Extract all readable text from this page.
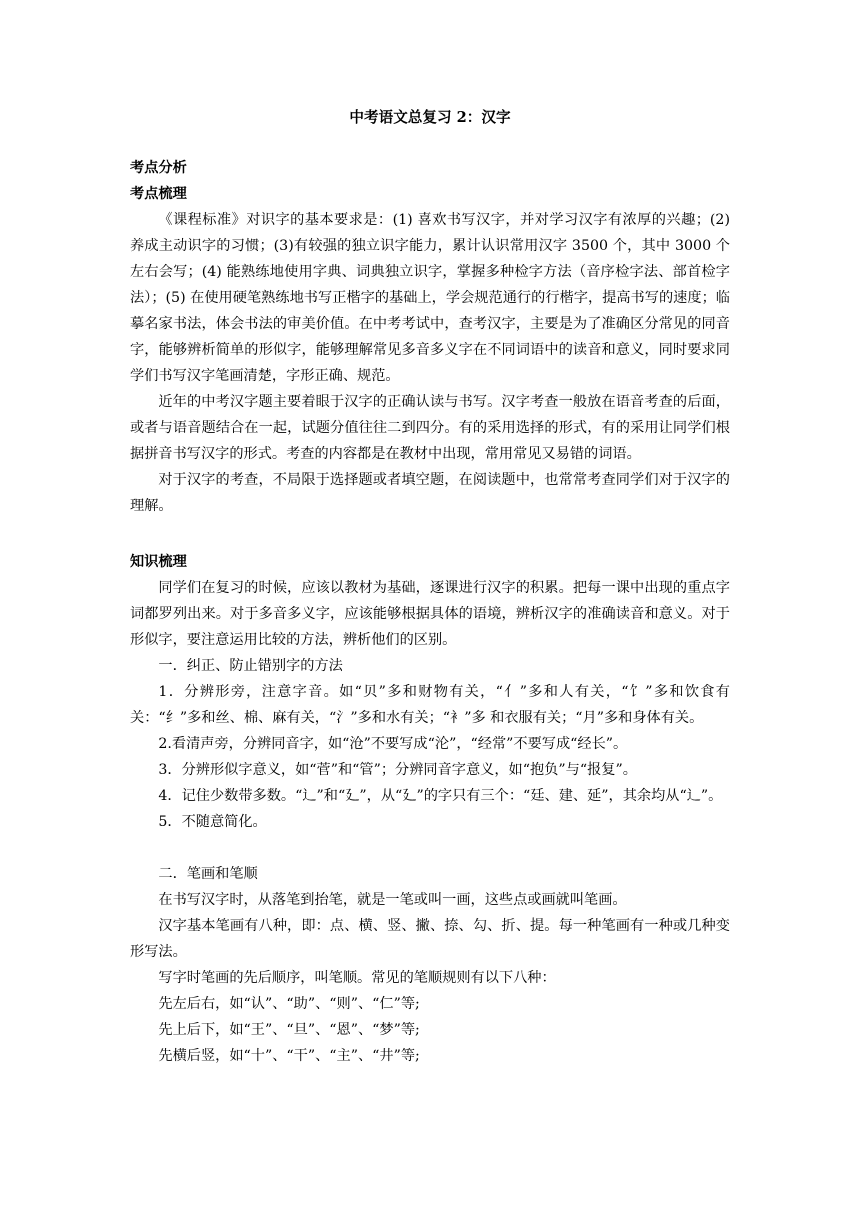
中考语文总复习 2：汉字
考点分析
考点梳理

《课程标准》对识字的基本要求是：(1) 喜欢书写汉字，并对学习汉字有浓厚的兴趣；(2) 养成主动识字的习惯；(3)有较强的独立识字能力，累计认识常用汉字 3500 个，其中 3000 个左右会写；(4) 能熟练地使用字典、词典独立识字，掌握多种检字方法（音序检字法、部首检字法）；(5) 在使用硬笔熟练地书写正楷字的基础上，学会规范通行的行楷字，提高书写的速度；临摹名家书法，体会书法的审美价值。在中考考试中，查考汉字，主要是为了准确区分常见的同音字，能够辨析简单的形似字，能够理解常见多音多义字在不同词语中的读音和意义，同时要求同学们书写汉字笔画清楚，字形正确、规范。

近年的中考汉字题主要着眼于汉字的正确认读与书写。汉字考查一般放在语音考查的后面，或者与语音题结合在一起，试题分值往往二到四分。有的采用选择的形式，有的采用让同学们根据拼音书写汉字的形式。考查的内容都是在教材中出现，常用常见又易错的词语。

对于汉字的考查，不局限于选择题或者填空题，在阅读题中，也常常考查同学们对于汉字的理解。

知识梳理

同学们在复习的时候，应该以教材为基础，逐课进行汉字的积累。把每一课中出现的重点字词都罗列出来。对于多音多义字，应该能够根据具体的语境，辨析汉字的准确读音和意义。对于形似字，要注意运用比较的方法，辨析他们的区别。

一．纠正、防止错别字的方法

1．分辨形旁，注意字音。如“贝”多和财物有关，“亻”多和人有关，“饣”多和饮食有关：“纟”多和丝、棉、麻有关，“氵”多和水有关；“衤”多 和衣服有关；“月”多和身体有关。

2.看清声旁，分辨同音字，如“沧”不要写成“沦”，“经常”不要写成“经长”。

3．分辨形似字意义，如“菅”和“管”；分辨同音字意义，如“抱负”与“报复”。

4．记住少数带多数。“辶”和“廴”，从“廴”的字只有三个：“廷、建、延”，其余均从“辶”。

5．不随意简化。

二．笔画和笔顺

在书写汉字时，从落笔到抬笔，就是一笔或叫一画，这些点或画就叫笔画。

汉字基本笔画有八种，即：点、横、竖、撇、捺、勾、折、提。每一种笔画有一种或几种变形写法。

写字时笔画的先后顺序，叫笔顺。常见的笔顺规则有以下八种：

先左后右，如“认”、“助”、“则”、“仁”等;

先上后下，如“王”、“旦”、“恩”、“梦”等;

先横后竖，如“十”、“干”、“主”、“井”等;
